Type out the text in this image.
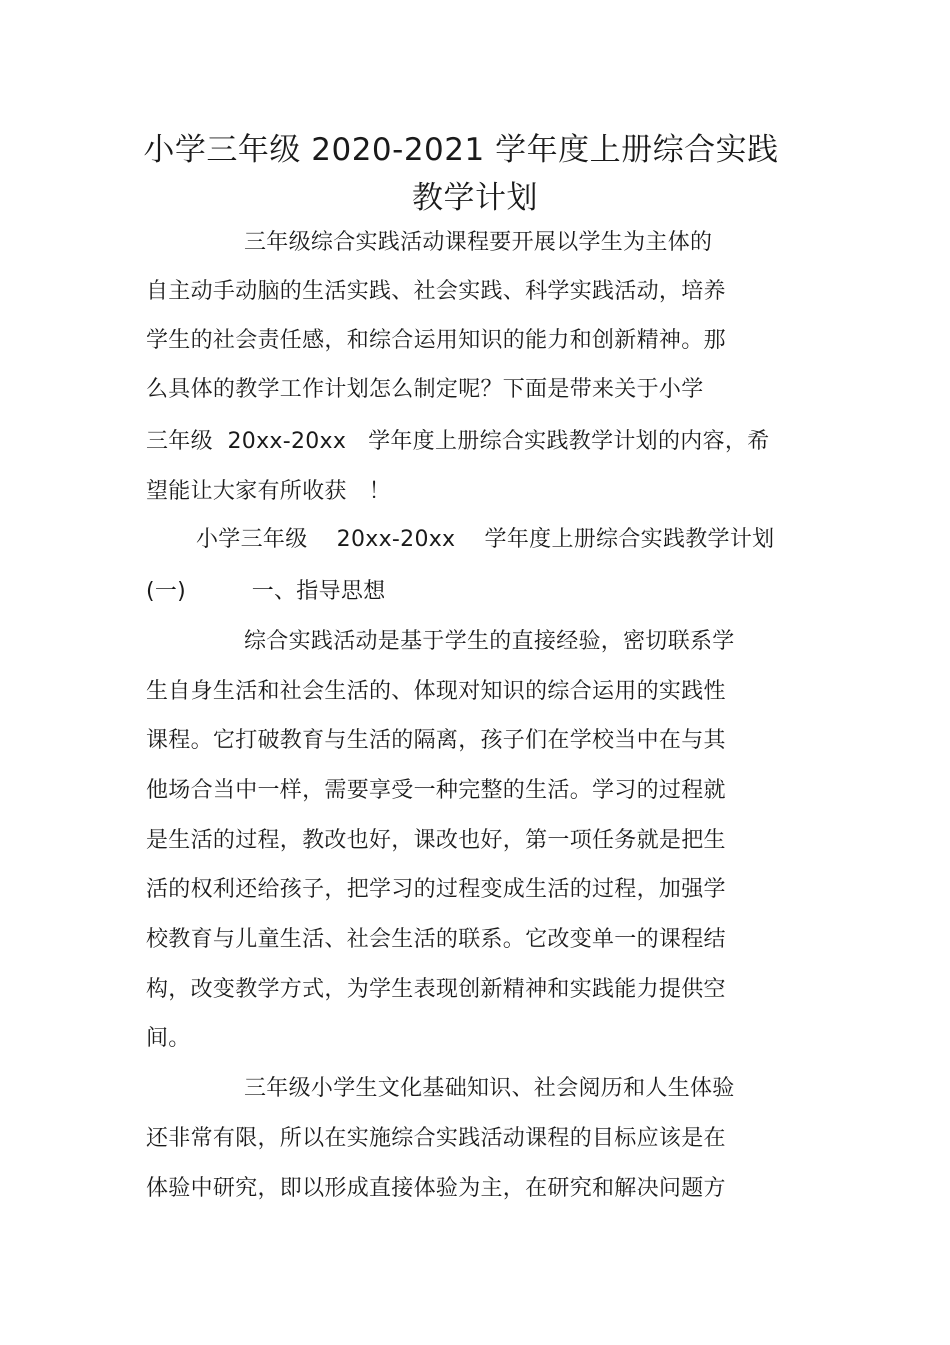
小学三年级 2020-2021 学年度上册综合实践
教学计划
三年级综合实践活动课程要开展以学生为主体的
自主动手动脑的生活实践、社会实践、科学实践活动，培养
学生的社会责任感，和综合运用知识的能力和创新精神。那
么具体的教学工作计划怎么制定呢？下面是带来关于小学
三年级  20xx-20xx   学年度上册综合实践教学计划的内容，希
望能让大家有所收获   ！
小学三年级    20xx-20xx    学年度上册综合实践教学计划
(一)         一、指导思想
综合实践活动是基于学生的直接经验，密切联系学
生自身生活和社会生活的、体现对知识的综合运用的实践性
课程。它打破教育与生活的隔离，孩子们在学校当中在与其
他场合当中一样，需要享受一种完整的生活。学习的过程就
是生活的过程，教改也好，课改也好，第一项任务就是把生
活的权利还给孩子，把学习的过程变成生活的过程，加强学
校教育与儿童生活、社会生活的联系。它改变单一的课程结
构，改变教学方式，为学生表现创新精神和实践能力提供空
间。
三年级小学生文化基础知识、社会阅历和人生体验
还非常有限，所以在实施综合实践活动课程的目标应该是在
体验中研究，即以形成直接体验为主，在研究和解决问题方
